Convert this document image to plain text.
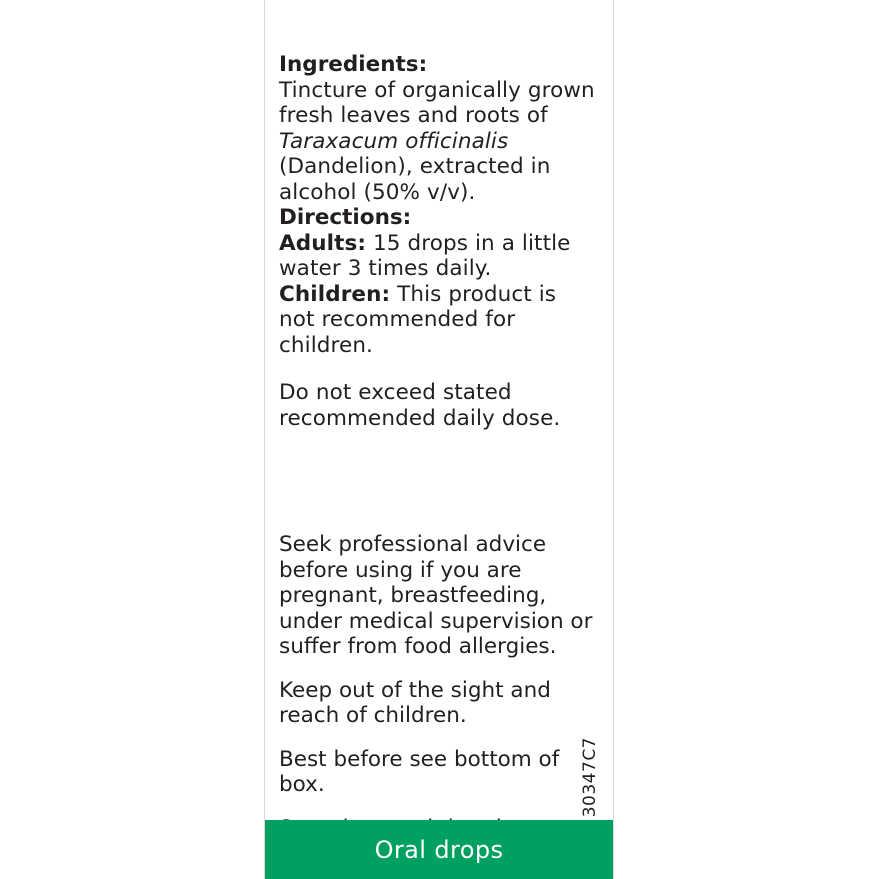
Ingredients:
Tincture of organically grown
fresh leaves and roots of
Taraxacum officinalis
(Dandelion), extracted in
alcohol (50% v/v).
Directions:

Adults: 15 drops in a little water 3 times daily.

Children: This product is not recommended for children.

Do not exceed stated recommended daily dose.

Seek professional advice before using if you are pregnant, breastfeeding, under medical supervision or suffer from food allergies.

Keep out of the sight and reach of children.

Best before see bottom of box.	30347C7
Oral drops
